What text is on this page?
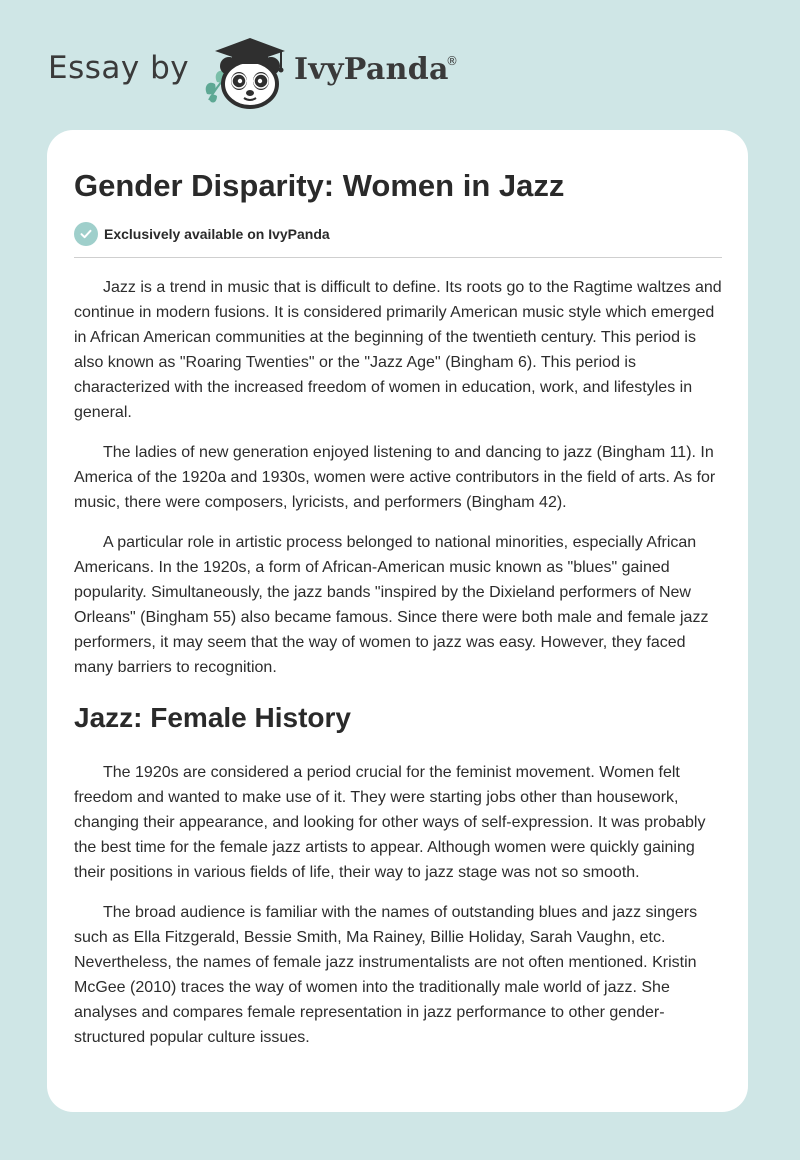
Essay by	IvyPanda
®
Gender Disparity: Women in Jazz
Exclusively available on IvyPanda

Jazz is a trend in music that is difficult to define. Its roots go to the Ragtime waltzes and continue in modern fusions. It is considered primarily American music style which emerged in African American communities at the beginning of the twentieth century. This period is also known as "Roaring Twenties" or the "Jazz Age" (Bingham 6). This period is characterized with the increased freedom of women in education, work, and lifestyles in general.

The ladies of new generation enjoyed listening to and dancing to jazz (Bingham 11). In America of the 1920a and 1930s, women were active contributors in the field of arts. As for music, there were composers, lyricists, and performers (Bingham 42).

A particular role in artistic process belonged to national minorities, especially African Americans. In the 1920s, a form of African-American music known as "blues" gained popularity. Simultaneously, the jazz bands "inspired by the Dixieland performers of New Orleans" (Bingham 55) also became famous. Since there were both male and female jazz performers, it may seem that the way of women to jazz was easy. However, they faced many barriers to recognition.

Jazz: Female History

The 1920s are considered a period crucial for the feminist movement. Women felt freedom and wanted to make use of it. They were starting jobs other than housework, changing their appearance, and looking for other ways of self-expression. It was probably the best time for the female jazz artists to appear. Although women were quickly gaining their positions in various fields of life, their way to jazz stage was not so smooth.

The broad audience is familiar with the names of outstanding blues and jazz singers such as Ella Fitzgerald, Bessie Smith, Ma Rainey, Billie Holiday, Sarah Vaughn, etc. Nevertheless, the names of female jazz instrumentalists are not often mentioned. Kristin McGee (2010) traces the way of women into the traditionally male world of jazz. She analyses and compares female representation in jazz performance to other gender-structured popular culture issues.
